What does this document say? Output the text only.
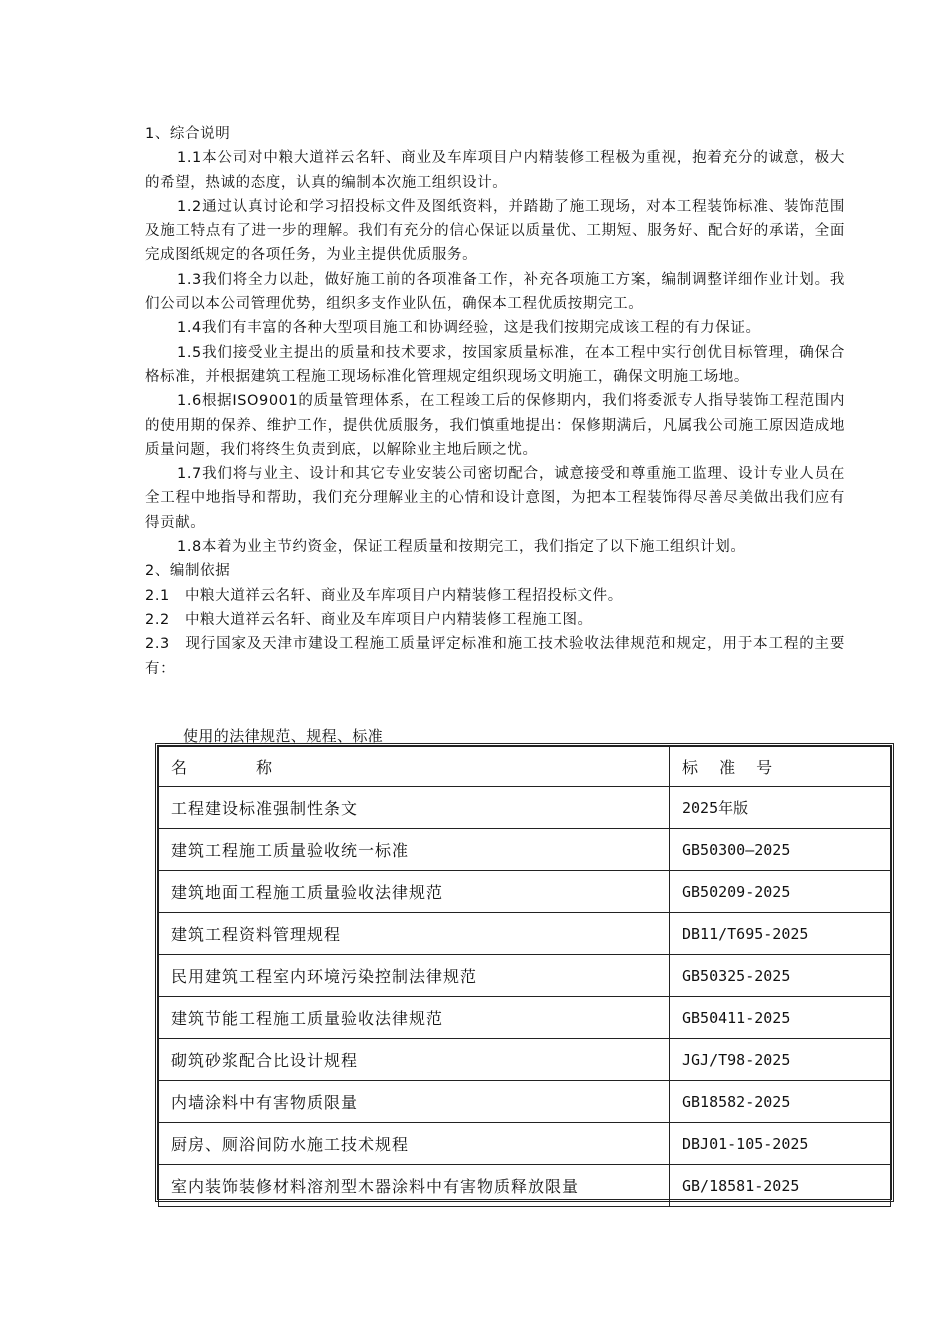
1、综合说明

1.1本公司对中粮大道祥云名轩、商业及车库项目户内精装修工程极为重视，抱着充分的诚意，极大的希望，热诚的态度，认真的编制本次施工组织设计。

1.2通过认真讨论和学习招投标文件及图纸资料，并踏勘了施工现场，对本工程装饰标准、装饰范围及施工特点有了进一步的理解。我们有充分的信心保证以质量优、工期短、服务好、配合好的承诺，全面完成图纸规定的各项任务，为业主提供优质服务。

1.3我们将全力以赴，做好施工前的各项准备工作，补充各项施工方案，编制调整详细作业计划。我们公司以本公司管理优势，组织多支作业队伍，确保本工程优质按期完工。

1.4我们有丰富的各种大型项目施工和协调经验，这是我们按期完成该工程的有力保证。

1.5我们接受业主提出的质量和技术要求，按国家质量标准，在本工程中实行创优目标管理，确保合格标准，并根据建筑工程施工现场标准化管理规定组织现场文明施工，确保文明施工场地。

1.6根据ISO9001的质量管理体系，在工程竣工后的保修期内，我们将委派专人指导装饰工程范围内的使用期的保养、维护工作，提供优质服务，我们慎重地提出：保修期满后，凡属我公司施工原因造成地质量问题，我们将终生负责到底，以解除业主地后顾之忧。

1.7我们将与业主、设计和其它专业安装公司密切配合，诚意接受和尊重施工监理、设计专业人员在全工程中地指导和帮助，我们充分理解业主的心情和设计意图，为把本工程装饰得尽善尽美做出我们应有得贡献。

1.8本着为业主节约资金，保证工程质量和按期完工，我们指定了以下施工组织计划。

2、编制依据

2.1　中粮大道祥云名轩、商业及车库项目户内精装修工程招投标文件。

2.2　中粮大道祥云名轩、商业及车库项目户内精装修工程施工图。

2.3　现行国家及天津市建设工程施工质量评定标准和施工技术验收法律规范和规定，用于本工程的主要有：

使用的法律规范、规程、标准
名　　　　称	标 准 号
工程建设标准强制性条文	2025年版
建筑工程施工质量验收统一标准	GB50300—2025
建筑地面工程施工质量验收法律规范	GB50209-2025
建筑工程资料管理规程	DB11/T695-2025
民用建筑工程室内环境污染控制法律规范	GB50325-2025
建筑节能工程施工质量验收法律规范	GB50411-2025
砌筑砂浆配合比设计规程	JGJ/T98-2025
内墙涂料中有害物质限量	GB18582-2025
厨房、厕浴间防水施工技术规程	DBJ01-105-2025
室内装饰装修材料溶剂型木器涂料中有害物质释放限量	GB/18581-2025
